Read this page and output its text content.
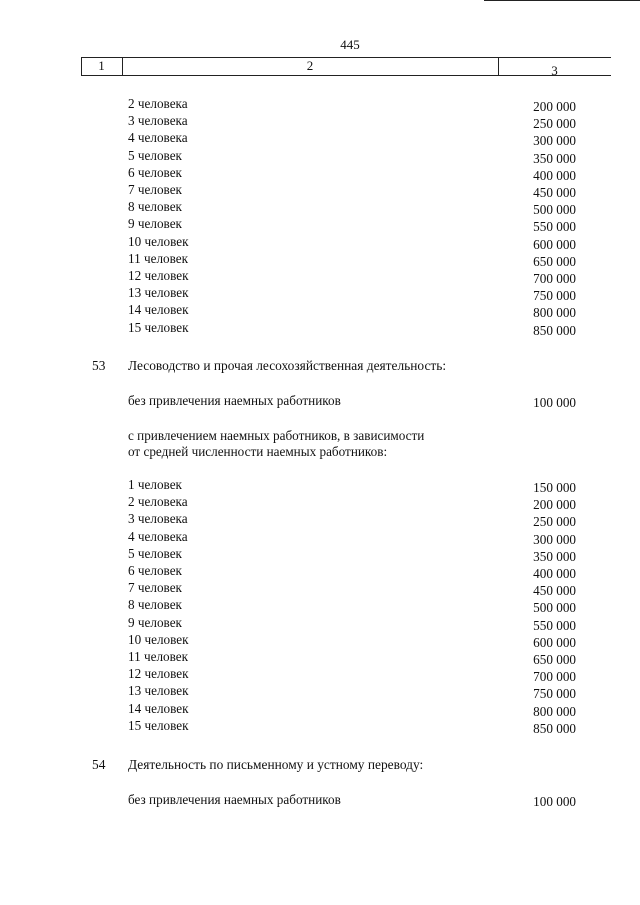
445
1	2	3
2 человека	200 000
3 человека	250 000
4 человека	300 000
5 человек	350 000
6 человек	400 000
7 человек	450 000
8 человек	500 000
9 человек	550 000
10 человек	600 000
11 человек	650 000
12 человек	700 000
13 человек	750 000
14 человек	800 000
15 человек	850 000
53 Лесоводство и прочая лесохозяйственная деятельность:
без привлечения наемных работников	100 000
с привлечением наемных работников, в зависимости
от средней численности наемных работников:
1 человек	150 000
2 человека	200 000
3 человека	250 000
4 человека	300 000
5 человек	350 000
6 человек	400 000
7 человек	450 000
8 человек	500 000
9 человек	550 000
10 человек	600 000
11 человек	650 000
12 человек	700 000
13 человек	750 000
14 человек	800 000
15 человек	850 000
54 Деятельность по письменному и устному переводу:
без привлечения наемных работников	100 000
